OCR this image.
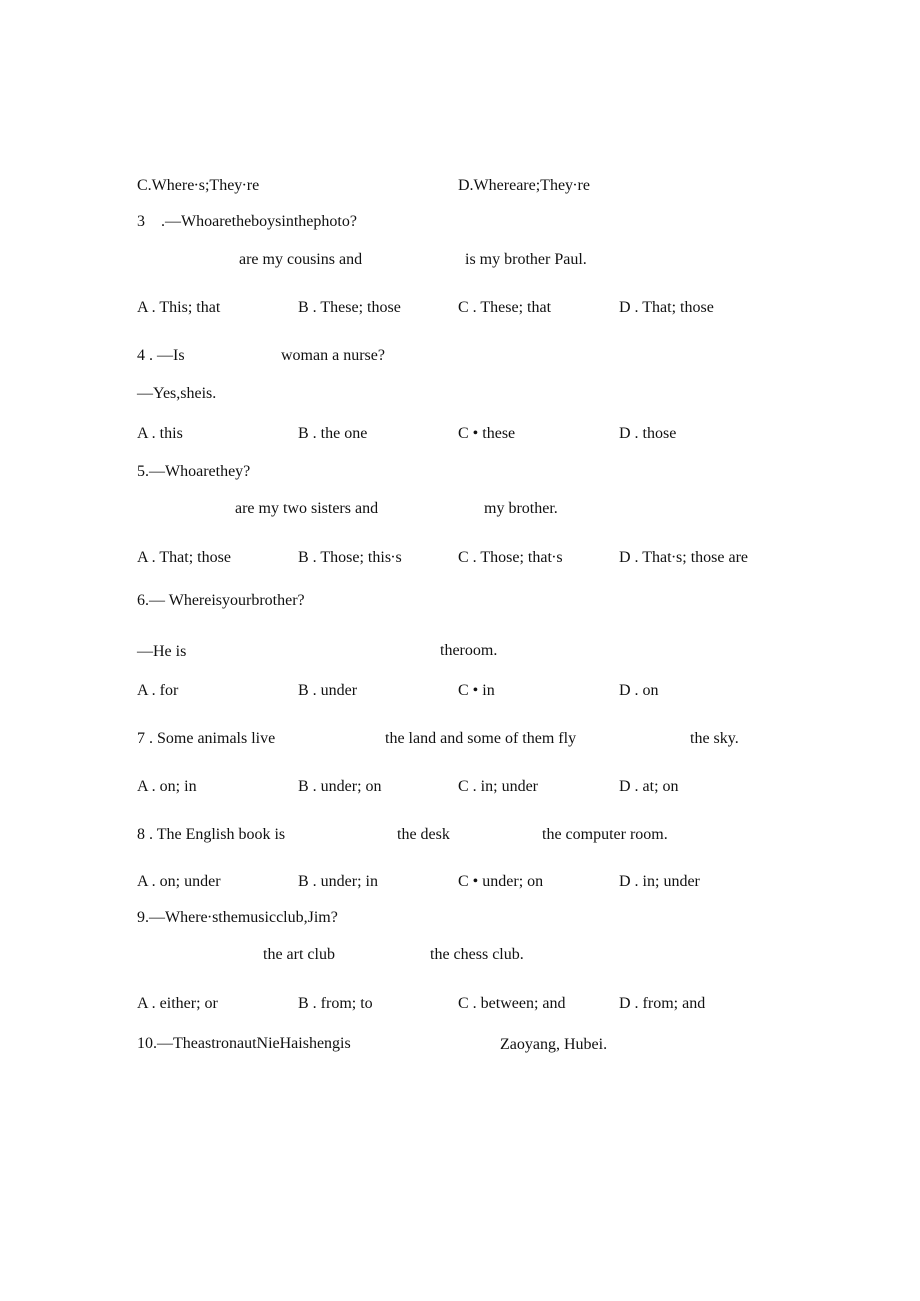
C.Where·s;They·re	D.Whereare;They·re
3 .—Whoaretheboysinthephoto?
are my cousins and	is my brother Paul.
A . This; that	B . These; those	C . These; that	D . That; those
4 . —Is	woman a nurse?
—Yes,sheis.
A . this	B . the one	C • these	D . those
5.—Whoarethey?
are my two sisters and	my brother.
A . That; those	B . Those; this·s	C . Those; that·s	D . That·s; those are
6.— Whereisyourbrother?
—He is	theroom.
A . for	B . under	C • in	D . on
7 . Some animals live	the land and some of them fly	the sky.
A . on; in	B . under; on	C . in; under	D . at; on
8 . The English book is	the desk	the computer room.
A . on; under	B . under; in	C • under; on	D . in; under
9.—Where·sthemusicclub,Jim?
the art club	the chess club.
A . either; or	B . from; to	C . between; and	D . from; and
10.—TheastronautNieHaishengis	Zaoyang, Hubei.
